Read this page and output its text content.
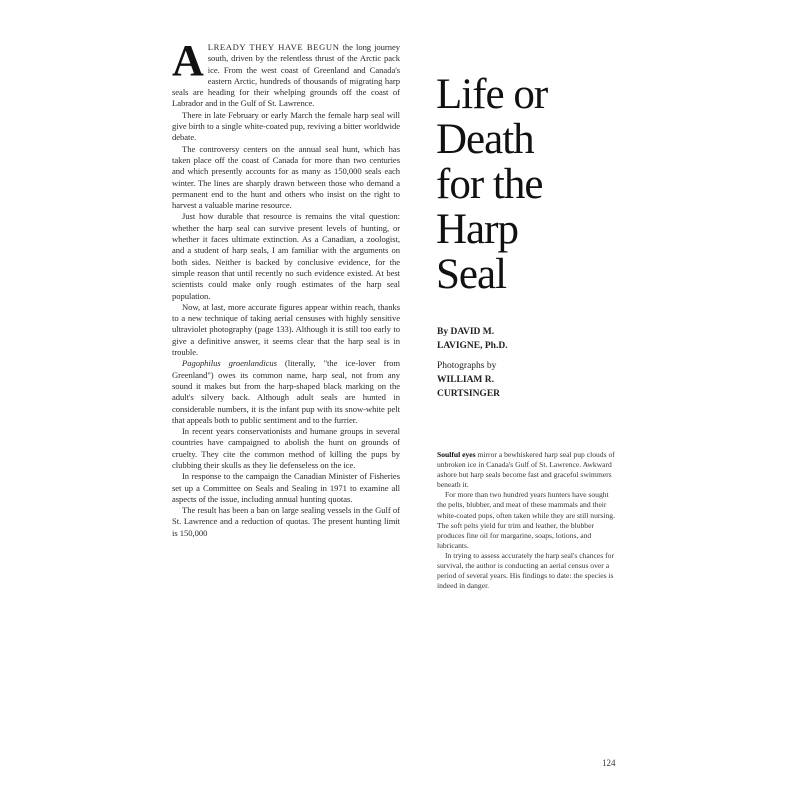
ALREADY THEY HAVE BEGUN the long journey south, driven by the relentless thrust of the Arctic pack ice. From the west coast of Greenland and Canada's eastern Arctic, hundreds of thousands of migrating harp seals are heading for their whelping grounds off the coast of Labrador and in the Gulf of St. Lawrence.

There in late February or early March the female harp seal will give birth to a single white-coated pup, reviving a bitter worldwide debate.

The controversy centers on the annual seal hunt, which has taken place off the coast of Canada for more than two centuries and which presently accounts for as many as 150,000 seals each winter. The lines are sharply drawn between those who demand a permanent end to the hunt and others who insist on the right to harvest a valuable marine resource.

Just how durable that resource is remains the vital question: whether the harp seal can survive present levels of hunting, or whether it faces ultimate extinction. As a Canadian, a zoologist, and a student of harp seals, I am familiar with the arguments on both sides. Neither is backed by conclusive evidence, for the simple reason that until recently no such evidence existed. At best scientists could make only rough estimates of the harp seal population.

Now, at last, more accurate figures appear within reach, thanks to a new technique of taking aerial censuses with highly sensitive ultraviolet photography (page 133). Although it is still too early to give a definitive answer, it seems clear that the harp seal is in trouble.

Pagophilus groenlandicus (literally, "the ice-lover from Greenland") owes its common name, harp seal, not from any sound it makes but from the harp-shaped black marking on the adult's silvery back. Although adult seals are hunted in considerable numbers, it is the infant pup with its snow-white pelt that appeals both to public sentiment and to the furrier.

In recent years conservationists and humane groups in several countries have campaigned to abolish the hunt on grounds of cruelty. They cite the common method of killing the pups by clubbing their skulls as they lie defenseless on the ice.

In response to the campaign the Canadian Minister of Fisheries set up a Committee on Seals and Sealing in 1971 to examine all aspects of the issue, including annual hunting quotas.

The result has been a ban on large sealing vessels in the Gulf of St. Lawrence and a reduction of quotas. The present hunting limit is 150,000

Life or
Death
for the
Harp
Seal
By DAVID M.
LAVIGNE, Ph.D.
Photographs by
WILLIAM R.
CURTSINGER

Soulful eyes mirror a bewhiskered harp seal pup clouds of unbroken ice in Canada's Gulf of St. Lawrence. Awkward ashore but harp seals become fast and graceful swimmers beneath it.

For more than two hundred years hunters have sought the pelts, blubber, and meat of these mammals and their white-coated pups, often taken while they are still nursing. The soft pelts yield fur trim and leather, the blubber produces fine oil for margarine, soaps, lotions, and lubricants.

In trying to assess accurately the harp seal's chances for survival, the author is conducting an aerial census over a period of several years. His findings to date: the species is indeed in danger.

124
